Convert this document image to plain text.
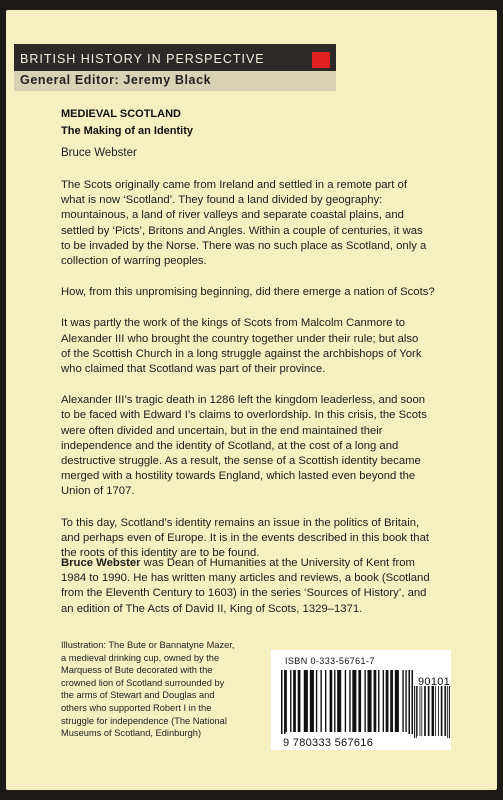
BRITISH HISTORY IN PERSPECTIVE
General Editor: Jeremy Black
MEDIEVAL SCOTLAND
The Making of an Identity
Bruce Webster

The Scots originally came from Ireland and settled in a remote part of
what is now ‘Scotland’. They found a land divided by geography:
mountainous, a land of river valleys and separate coastal plains, and
settled by ‘Picts’, Britons and Angles. Within a couple of centuries, it was
to be invaded by the Norse. There was no such place as Scotland, only a
collection of warring peoples.

How, from this unpromising beginning, did there emerge a nation of Scots?

It was partly the work of the kings of Scots from Malcolm Canmore to
Alexander III who brought the country together under their rule; but also
of the Scottish Church in a long struggle against the archbishops of York
who claimed that Scotland was part of their province.

Alexander III’s tragic death in 1286 left the kingdom leaderless, and soon
to be faced with Edward I’s claims to overlordship. In this crisis, the Scots
were often divided and uncertain, but in the end maintained their
independence and the identity of Scotland, at the cost of a long and
destructive struggle. As a result, the sense of a Scottish identity became
merged with a hostility towards England, which lasted even beyond the
Union of 1707.

To this day, Scotland’s identity remains an issue in the politics of Britain,
and perhaps even of Europe. It is in the events described in this book that
the roots of this identity are to be found.

Bruce Webster was Dean of Humanities at the University of Kent from
1984 to 1990. He has written many articles and reviews, a book (Scotland
from the Eleventh Century to 1603) in the series ‘Sources of History’, and
an edition of The Acts of David II, King of Scots, 1329–1371.
Illustration: The Bute or Bannatyne Mazer,
a medieval drinking cup, owned by the
Marquess of Bute decorated with the
crowned lion of Scotland surrounded by
the arms of Stewart and Douglas and
others who supported Robert I in the
struggle for independence (The National
Museums of Scotland, Edinburgh)
ISBN 0-333-56761-7
90101
9 780333 567616
